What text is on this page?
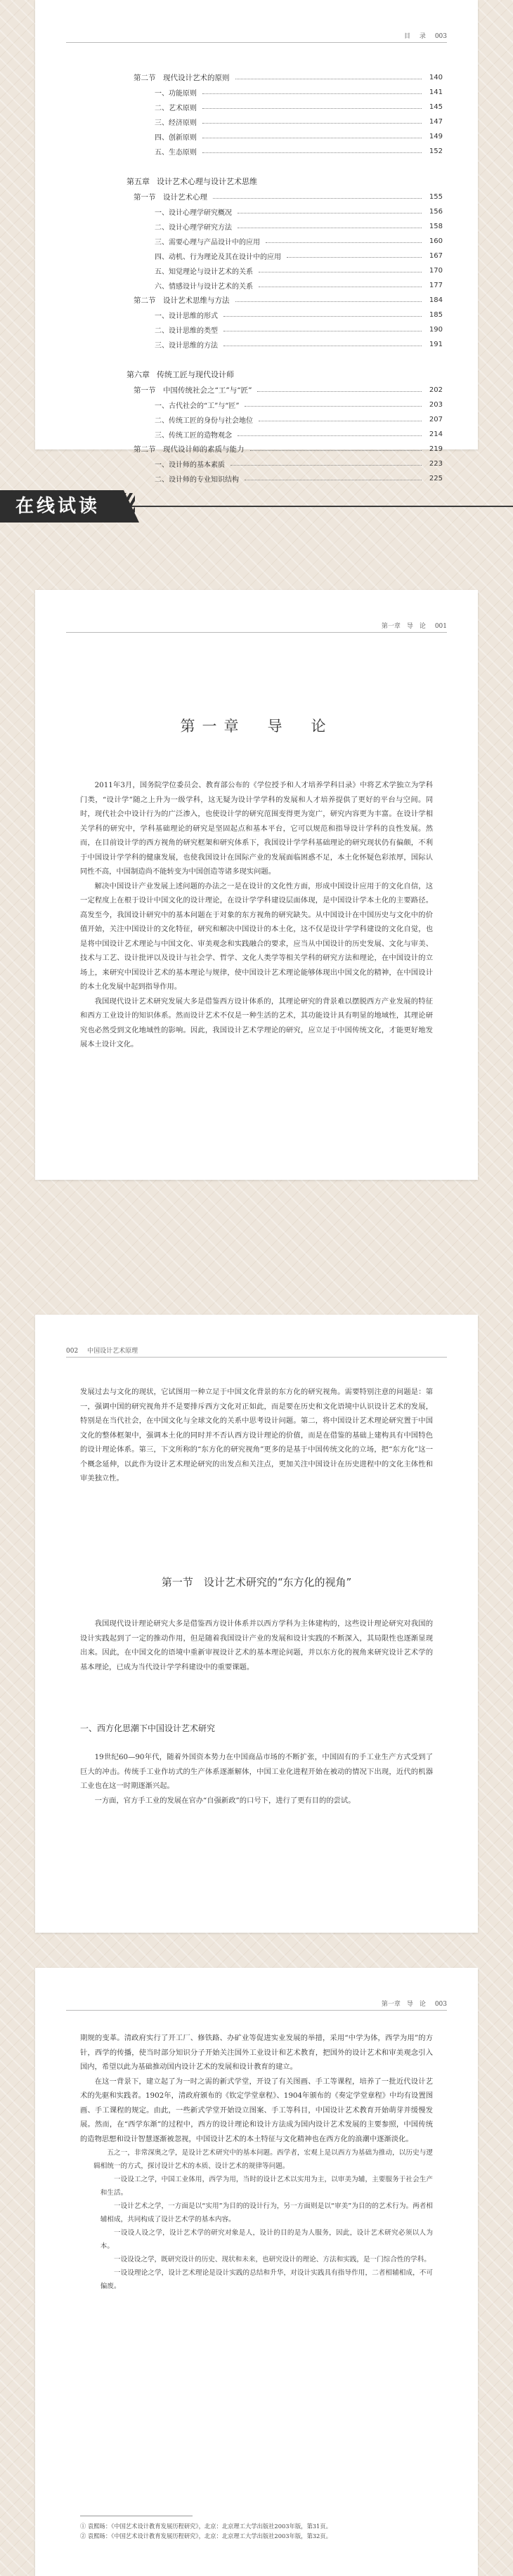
目 录 003
第二节　现代设计艺术的原则	140
一、功能原则	141
二、艺术原则	145
三、经济原则	147
四、创新原则	149
五、生态原则	152
第五章 设计艺术心理与设计艺术思维
第一节　设计艺术心理	155
一、设计心理学研究概况	156
二、设计心理学研究方法	158
三、需要心理与产品设计中的应用	160
四、动机、行为理论及其在设计中的应用	167
五、知觉理论与设计艺术的关系	170
六、情感设计与设计艺术的关系	177
第二节　设计艺术思维与方法	184
一、设计思维的形式	185
二、设计思维的类型	190
三、设计思维的方法	191
第六章 传统工匠与现代设计师
第一节　中国传统社会之“工”与“匠”	202
一、古代社会的“工”与“匠”	203
二、传统工匠的身份与社会地位	207
三、传统工匠的造物观念	214
第二节　现代设计师的素质与能力	219
一、设计师的基本素质	223
二、设计师的专业知识结构	225
在线试读
第一章　导　论 001
第一章　导　论

2011年3月，国务院学位委员会、教育部公布的《学位授予和人才培养学科目录》中将艺术学独立为学科门类，“设计学”随之上升为一级学科，这无疑为设计学学科的发展和人才培养提供了更好的平台与空间。同时，现代社会中设计行为的广泛渗入，也使设计学的研究范围变得更为宽广，研究内容更为丰富。在设计学相关学科的研究中，学科基础理论的研究是坚固起点和基本平台，它可以规范和指导设计学科的良性发展。然而，在目前设计学的西方视角的研究框架和研究体系下，我国设计学学科基础理论的研究现状仍有偏颇，不利于中国设计学学科的健康发展，也使我国设计在国际产业的发展面临困惑不足，本土化怀疑色彩浓厚，国际认同性不高，中国制造尚不能转变为中国创造等诸多现实问题。

解决中国设计产业发展上述问题的办法之一是在设计的文化性方面，形成中国设计应用于的文化自信，这一定程度上在根于设计中国文化的设计理论，在设计学学科建设层面体现，是中国设计学本土化的主要路径。高发至今，我国设计研究中的基本问题在于对象的东方视角的研究缺失。从中国设计在中国历史与文化中的价值开始，关注中国设计的文化特征，研究和解决中国设计的本土化，这不仅是设计学学科建设的文化自觉，也是将中国设计艺术理论与中国文化、审美观念和实践融合的要求，应当从中国设计的历史发展、文化与审美、技术与工艺、设计批评以及设计与社会学、哲学、文化人类学等相关学科的研究方法和理论，在中国设计的立场上，来研究中国设计艺术的基本理论与规律，使中国设计艺术理论能够体现出中国文化的精神，在中国设计的本土化发展中起到指导作用。

我国现代设计艺术研究发展大多是借鉴西方设计体系的，其理论研究的背景难以摆脱西方产业发展的特征和西方工业设计的知识体系。然而设计艺术不仅是一种生活的艺术，其功能设计具有明显的地域性，其理论研究也必然受到文化地域性的影响。因此，我国设计艺术学理论的研究，应立足于中国传统文化，才能更好地发展本土设计文化。

002 中国设计艺术原理

发展过去与文化的现状，它试图用一种立足于中国文化背景的东方化的研究视角。需要特别注意的问题是：第一，强调中国的研究视角并不是要排斥西方文化对正如此，而是要在历史和文化语境中认识设计艺术的发展，特别是在当代社会，在中国文化与全球文化的关系中思考设计问题。第二，将中国设计艺术理论研究置于中国文化的整体框架中，强调本土化的同时并不否认西方设计理论的价值，而是在借鉴的基础上建构具有中国特色的设计理论体系。第三，下文所称的“东方化的研究视角”更多的是基于中国传统文化的立场，把“东方化”这一个概念延伸，以此作为设计艺术理论研究的出发点和关注点，更加关注中国设计在历史进程中的文化主体性和审美独立性。

第一节　设计艺术研究的“东方化的视角”

我国现代设计理论研究大多是借鉴西方设计体系并以西方学科为主体建构的，这些设计理论研究对我国的设计实践起到了一定的推动作用，但是随着我国设计产业的发展和设计实践的不断深入，其局限性也逐渐显现出来。因此，在中国文化的语境中重新审视设计艺术的基本理论问题，并以东方化的视角来研究设计艺术学的基本理论，已成为当代设计学学科建设中的重要课题。

一、西方化思潮下中国设计艺术研究

19世纪60—90年代，随着外国资本势力在中国商品市场的不断扩张，中国固有的手工业生产方式受到了巨大的冲击。传统手工业作坊式的生产体系逐渐解体，中国工业化进程开始在被动的情况下出现，近代的机器工业也在这一时期逐渐兴起。

一方面，官方手工业的发展在官办“自强新政”的口号下，进行了更有目的的尝试。

第一章　导　论 003

期规的变革。清政府实行了开工厂、修铁路、办矿业等促进实业发展的举措，采用“中学为体，西学为用”的方针，西学的传播，使当时部分知识分子开始关注国外工业设计和艺术教育，把国外的设计艺术和审美观念引入国内，希望以此为基础推动国内设计艺术的发展和设计教育的建立。

在这一背景下，建立起了为一时之需的新式学堂，开设了有关图画、手工等课程，培养了一批近代设计艺术的先驱和实践者。1902年，清政府颁布的《钦定学堂章程》、1904年颁布的《奏定学堂章程》中均有设置图画、手工课程的规定。由此，一些新式学堂开始设立图案、手工等科目，中国设计艺术教育开始萌芽并缓慢发展。然而，在“西学东渐”的过程中，西方的设计理论和设计方法成为国内设计艺术发展的主要参照，中国传统的造物思想和设计智慧逐渐被忽视，中国设计艺术的本土特征与文化精神也在西方化的浪潮中逐渐淡化。

五之一，非常深奥之学，是设计艺术研究中的基本问题。西学者，宏观上是以西方为基础为推动，以历史与逻辑相统一的方式，探讨设计艺术的本质、设计艺术的规律等问题。

一设设工之学，中国工业体用，西学为用，当时的设计艺术以实用为主，以审美为辅，主要服务于社会生产和生活。

一设计艺术之学，一方面是以“实用”为目的的设计行为，另一方面则是以“审美”为目的的艺术行为。两者相辅相成，共同构成了设计艺术学的基本内容。

一设设人设之学，设计艺术学的研究对象是人，设计的目的是为人服务，因此，设计艺术研究必须以人为本。

一设设设之学，既研究设计的历史、现状和未来，也研究设计的理论、方法和实践，是一门综合性的学科。

一设设理论之学，设计艺术理论是设计实践的总结和升华，对设计实践具有指导作用，二者相辅相成，不可偏废。

① 袁熙旸：《中国艺术设计教育发展历程研究》，北京：北京理工大学出版社2003年版，第31页。
② 袁熙旸：《中国艺术设计教育发展历程研究》，北京：北京理工大学出版社2003年版，第32页。
